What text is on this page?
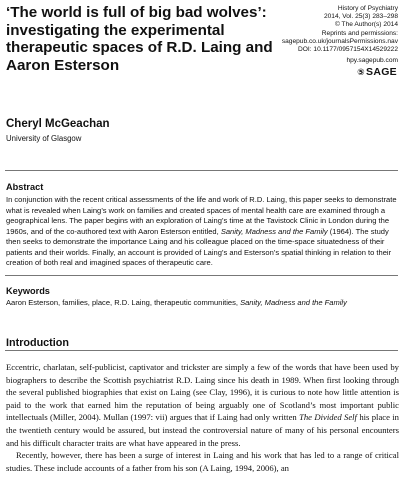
‘The world is full of big bad wolves’: investigating the experimental therapeutic spaces of R.D. Laing and Aaron Esterson
History of Psychiatry
2014, Vol. 25(3) 283–298
© The Author(s) 2014
Reprints and permissions:
sagepub.co.uk/journalsPermissions.nav
DOI: 10.1177/0957154X14529222
hpy.sagepub.com
⑤SAGE
Cheryl McGeachan
University of Glasgow
Abstract

In conjunction with the recent critical assessments of the life and work of R.D. Laing, this paper seeks to demonstrate what is revealed when Laing’s work on families and created spaces of mental health care are examined through a geographical lens. The paper begins with an exploration of Laing’s time at the Tavistock Clinic in London during the 1960s, and of the co-authored text with Aaron Esterson entitled, Sanity, Madness and the Family (1964). The study then seeks to demonstrate the importance Laing and his colleague placed on the time-space situatedness of their patients and their worlds. Finally, an account is provided of Laing’s and Esterson’s spatial thinking in relation to their creation of both real and imagined spaces of therapeutic care.

Keywords

Aaron Esterson, families, place, R.D. Laing, therapeutic communities, Sanity, Madness and the Family

Introduction

Eccentric, charlatan, self-publicist, captivator and trickster are simply a few of the words that have been used by biographers to describe the Scottish psychiatrist R.D. Laing since his death in 1989. When first looking through the several published biographies that exist on Laing (see Clay, 1996), it is curious to note how little attention is paid to the work that earned him the reputation of being arguably one of Scotland’s most important public intellectuals (Miller, 2004). Mullan (1997: vii) argues that if Laing had only written The Divided Self his place in the twentieth century would be assured, but instead the controversial nature of many of his personal encounters and his difficult character traits are what have appeared in the press.

Recently, however, there has been a surge of interest in Laing and his work that has led to a range of critical studies. These include accounts of a father from his son (A Laing, 1994, 2006), an
